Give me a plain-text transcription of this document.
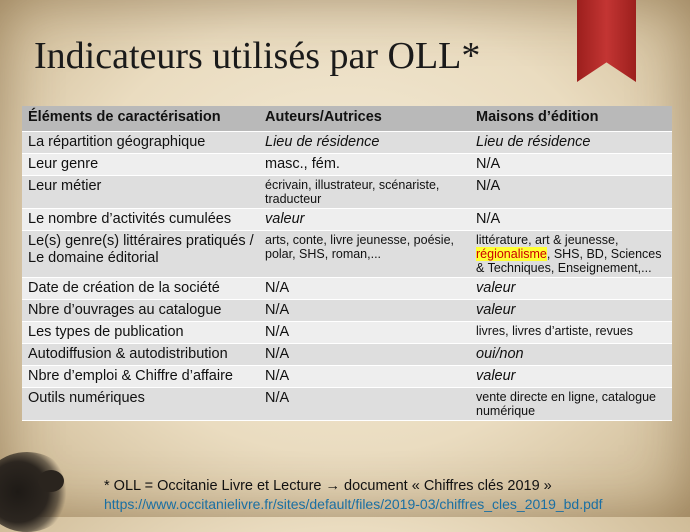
Indicateurs utilisés par OLL*
Éléments de caractérisation	Auteurs/Autrices	Maisons d’édition
La répartition géographique	Lieu de résidence	Lieu de résidence
Leur genre	masc., fém.	N/A
Leur métier	écrivain, illustrateur, scénariste, traducteur	N/A
Le nombre d’activités cumulées	valeur	N/A
Le(s) genre(s) littéraires pratiqués / Le domaine éditorial	arts, conte, livre jeunesse, poésie, polar, SHS, roman,...	littérature, art & jeunesse, régionalisme, SHS, BD, Sciences & Techniques, Enseignement,...
Date de création de la société	N/A	valeur
Nbre d’ouvrages au catalogue	N/A	valeur
Les types de publication	N/A	livres, livres d’artiste, revues
Autodiffusion & autodistribution	N/A	oui/non
Nbre d’emploi & Chiffre d’affaire	N/A	valeur
Outils numériques	N/A	vente directe en ligne, catalogue numérique
* OLL = Occitanie Livre et Lecture → document « Chiffres clés 2019 »
https://www.occitanielivre.fr/sites/default/files/2019-03/chiffres_cles_2019_bd.pdf
